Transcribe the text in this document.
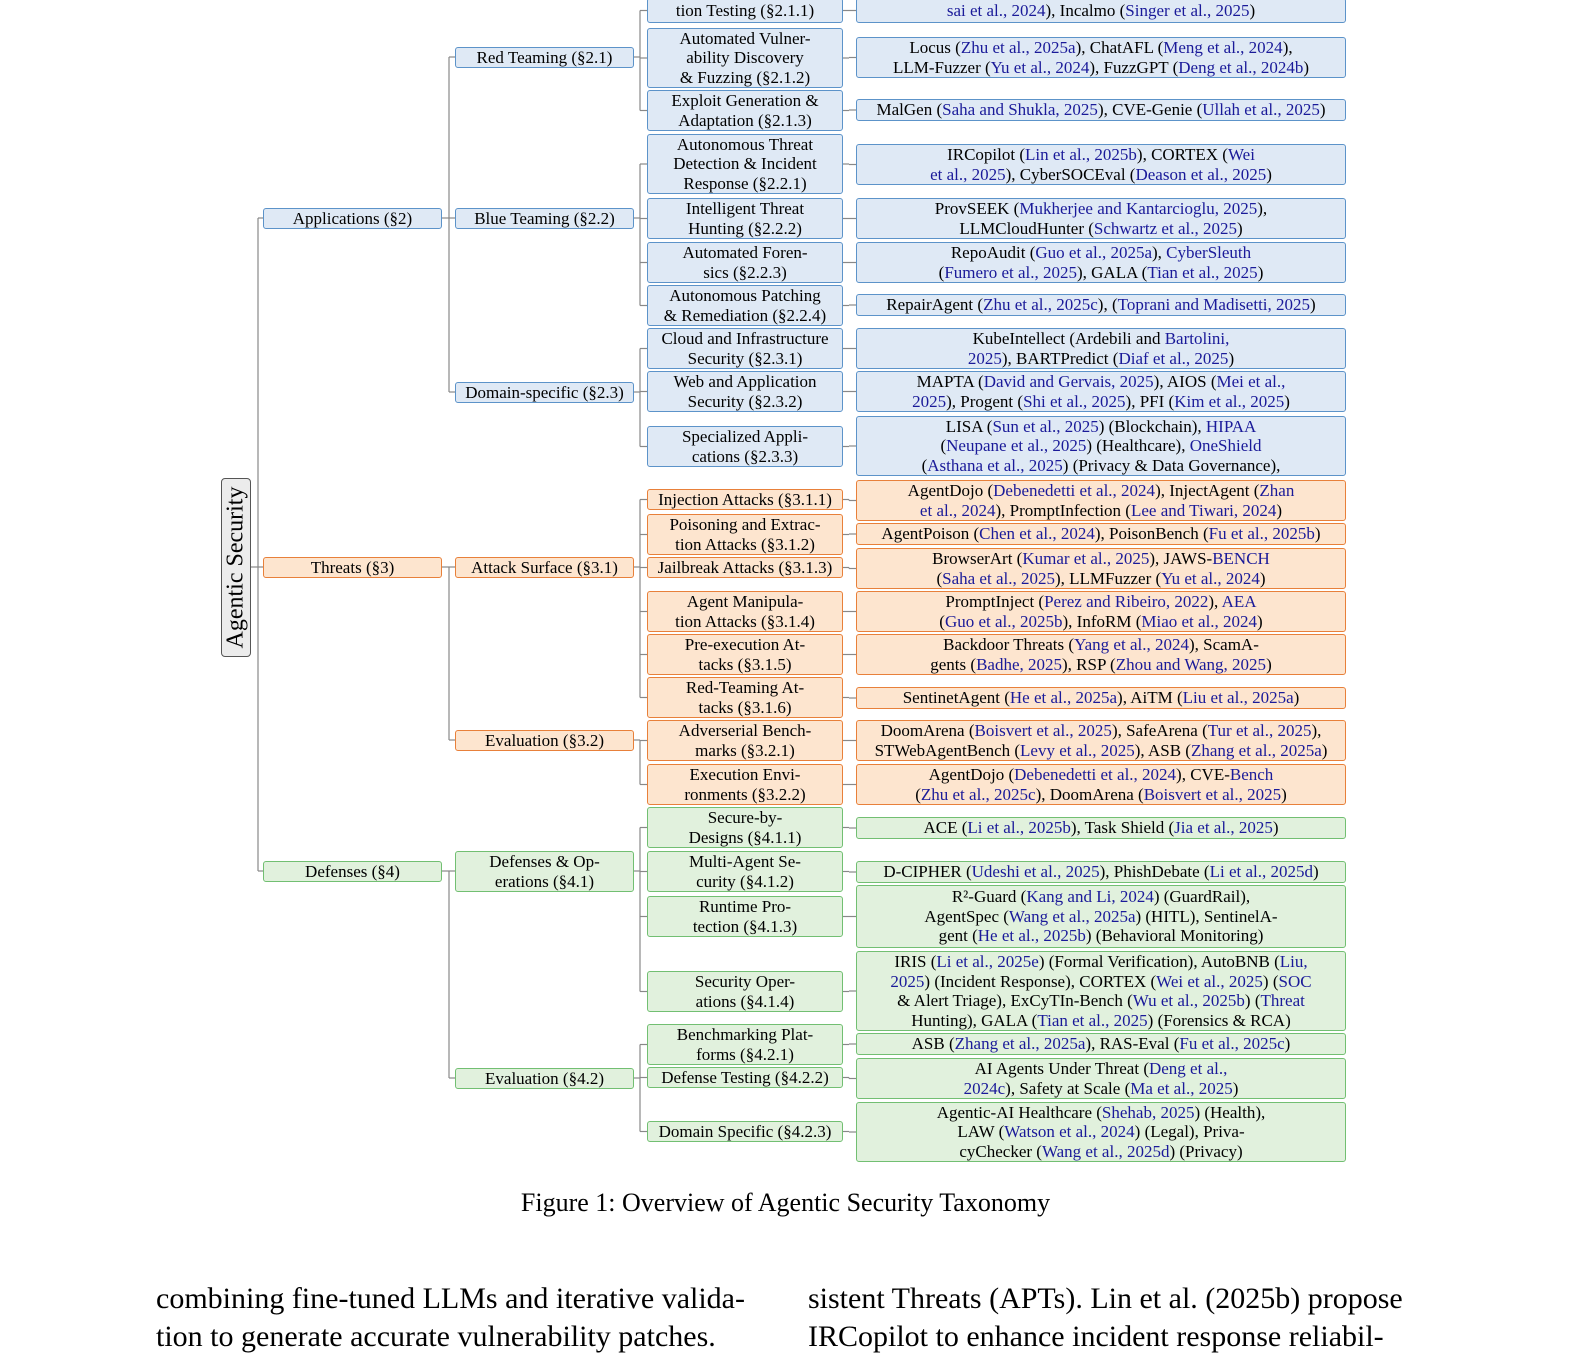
Agentic Security
Applications (§2)
Threats (§3)
Defenses (§4)
Red Teaming (§2.1)
Blue Teaming (§2.2)
Domain-specific (§2.3)
Attack Surface (§3.1)
Evaluation (§3.2)
Defenses & Op-
erations (§4.1)
Evaluation (§4.2)
tion Testing (§2.1.1)	sai et al., 2024), Incalmo (Singer et al., 2025)
Automated Vulner-
ability Discovery
& Fuzzing (§2.1.2)
Locus (Zhu et al., 2025a), ChatAFL (Meng et al., 2024),
LLM-Fuzzer (Yu et al., 2024), FuzzGPT (Deng et al., 2024b)
Exploit Generation &
Adaptation (§2.1.3)
MalGen (Saha and Shukla, 2025), CVE-Genie (Ullah et al., 2025)
Autonomous Threat
Detection & Incident
Response (§2.2.1)
IRCopilot (Lin et al., 2025b), CORTEX (Wei
et al., 2025), CyberSOCEval (Deason et al., 2025)
Intelligent Threat
Hunting (§2.2.2)
ProvSEEK (Mukherjee and Kantarcioglu, 2025),
LLMCloudHunter (Schwartz et al., 2025)
Automated Foren-
sics (§2.2.3)
RepoAudit (Guo et al., 2025a), CyberSleuth
(Fumero et al., 2025), GALA (Tian et al., 2025)
Autonomous Patching
& Remediation (§2.2.4)
RepairAgent (Zhu et al., 2025c), (Toprani and Madisetti, 2025)
Cloud and Infrastructure
Security (§2.3.1)
KubeIntellect (Ardebili and Bartolini,
2025), BARTPredict (Diaf et al., 2025)
Web and Application
Security (§2.3.2)
MAPTA (David and Gervais, 2025), AIOS (Mei et al.,
2025), Progent (Shi et al., 2025), PFI (Kim et al., 2025)
Specialized Appli-
cations (§2.3.3)
LISA (Sun et al., 2025) (Blockchain), HIPAA
(Neupane et al., 2025) (Healthcare), OneShield
(Asthana et al., 2025) (Privacy & Data Governance),
Injection Attacks (§3.1.1)	AgentDojo (Debenedetti et al., 2024), InjectAgent (Zhan
et al., 2024), PromptInfection (Lee and Tiwari, 2024)
Poisoning and Extrac-
tion Attacks (§3.1.2)
AgentPoison (Chen et al., 2024), PoisonBench (Fu et al., 2025b)
Jailbreak Attacks (§3.1.3)	BrowserArt (Kumar et al., 2025), JAWS-BENCH
(Saha et al., 2025), LLMFuzzer (Yu et al., 2024)
Agent Manipula-
tion Attacks (§3.1.4)
PromptInject (Perez and Ribeiro, 2022), AEA
(Guo et al., 2025b), InfoRM (Miao et al., 2024)
Pre-execution At-
tacks (§3.1.5)
Backdoor Threats (Yang et al., 2024), ScamA-
gents (Badhe, 2025), RSP (Zhou and Wang, 2025)
Red-Teaming At-
tacks (§3.1.6)	SentinetAgent (He et al., 2025a), AiTM (Liu et al., 2025a)
Adverserial Bench-
marks (§3.2.1)
DoomArena (Boisvert et al., 2025), SafeArena (Tur et al., 2025),
STWebAgentBench (Levy et al., 2025), ASB (Zhang et al., 2025a)
Execution Envi-
ronments (§3.2.2)
AgentDojo (Debenedetti et al., 2024), CVE-Bench
(Zhu et al., 2025c), DoomArena (Boisvert et al., 2025)
Secure-by-
Designs (§4.1.1)	ACE (Li et al., 2025b), Task Shield (Jia et al., 2025)
Multi-Agent Se-
curity (§4.1.2)	D-CIPHER (Udeshi et al., 2025), PhishDebate (Li et al., 2025d)
Runtime Pro-
tection (§4.1.3)
R²-Guard (Kang and Li, 2024) (GuardRail),
AgentSpec (Wang et al., 2025a) (HITL), SentinelA-
gent (He et al., 2025b) (Behavioral Monitoring)
Security Oper-
ations (§4.1.4)
IRIS (Li et al., 2025e) (Formal Verification), AutoBNB (Liu,
2025) (Incident Response), CORTEX (Wei et al., 2025) (SOC
& Alert Triage), ExCyTIn-Bench (Wu et al., 2025b) (Threat
Hunting), GALA (Tian et al., 2025) (Forensics & RCA)
Benchmarking Plat-
forms (§4.2.1)
ASB (Zhang et al., 2025a), RAS-Eval (Fu et al., 2025c)
Defense Testing (§4.2.2)	AI Agents Under Threat (Deng et al.,
2024c), Safety at Scale (Ma et al., 2025)
Domain Specific (§4.2.3)
Agentic-AI Healthcare (Shehab, 2025) (Health),
LAW (Watson et al., 2024) (Legal), Priva-
cyChecker (Wang et al., 2025d) (Privacy)
Figure 1: Overview of Agentic Security Taxonomy
combining fine-tuned LLMs and iterative valida-
tion to generate accurate vulnerability patches.
sistent Threats (APTs). Lin et al. (2025b) propose
IRCopilot to enhance incident response reliabil-
